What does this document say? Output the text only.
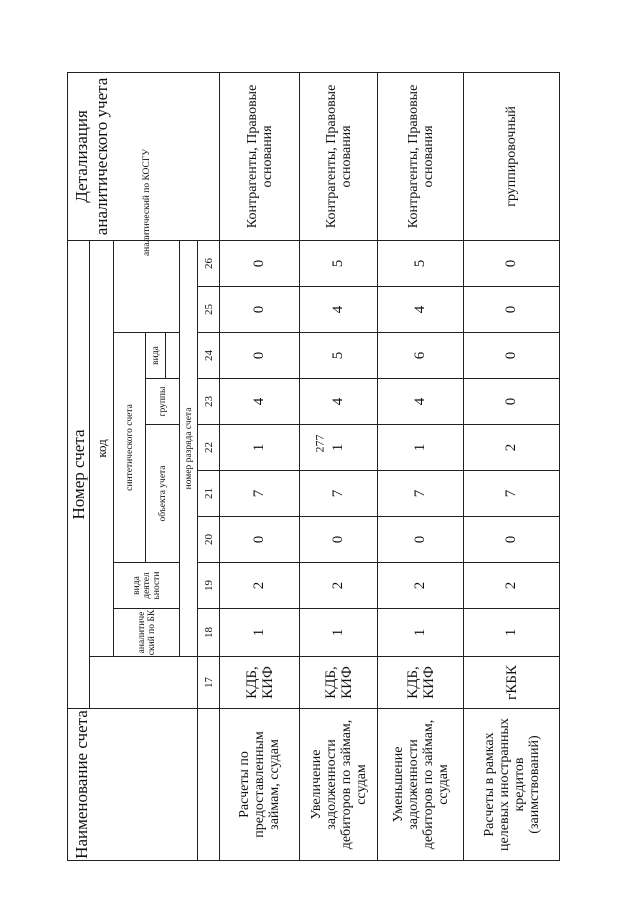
277
Наименование счета	Номер счета										Детализация аналитического учета
		код									
		аналитиче ский по БК	вида деятел ьности	синтетического счета					аналитический по КОСГУ		
				объекта учета			группы	вида			

		номер разряда счета									
	17	18	19	20	21	22	23	24	25	26	
Расчеты по предоставленным займам, ссудам	КДБ, КИФ	1	2	0	7	1	4	0	0	0	Контрагенты, Правовые основания
Увеличение задолженности дебиторов по займам, ссудам	КДБ, КИФ	1	2	0	7	1	4	5	4	5	Контрагенты, Правовые основания
Уменьшение задолженности дебиторов по займам, ссудам	КДБ, КИФ	1	2	0	7	1	4	6	4	5	Контрагенты, Правовые основания
Расчеты в рамках целевых иностранных кредитов (заимствований)	гКБК	1	2	0	7	2	0	0	0	0	группировочный
